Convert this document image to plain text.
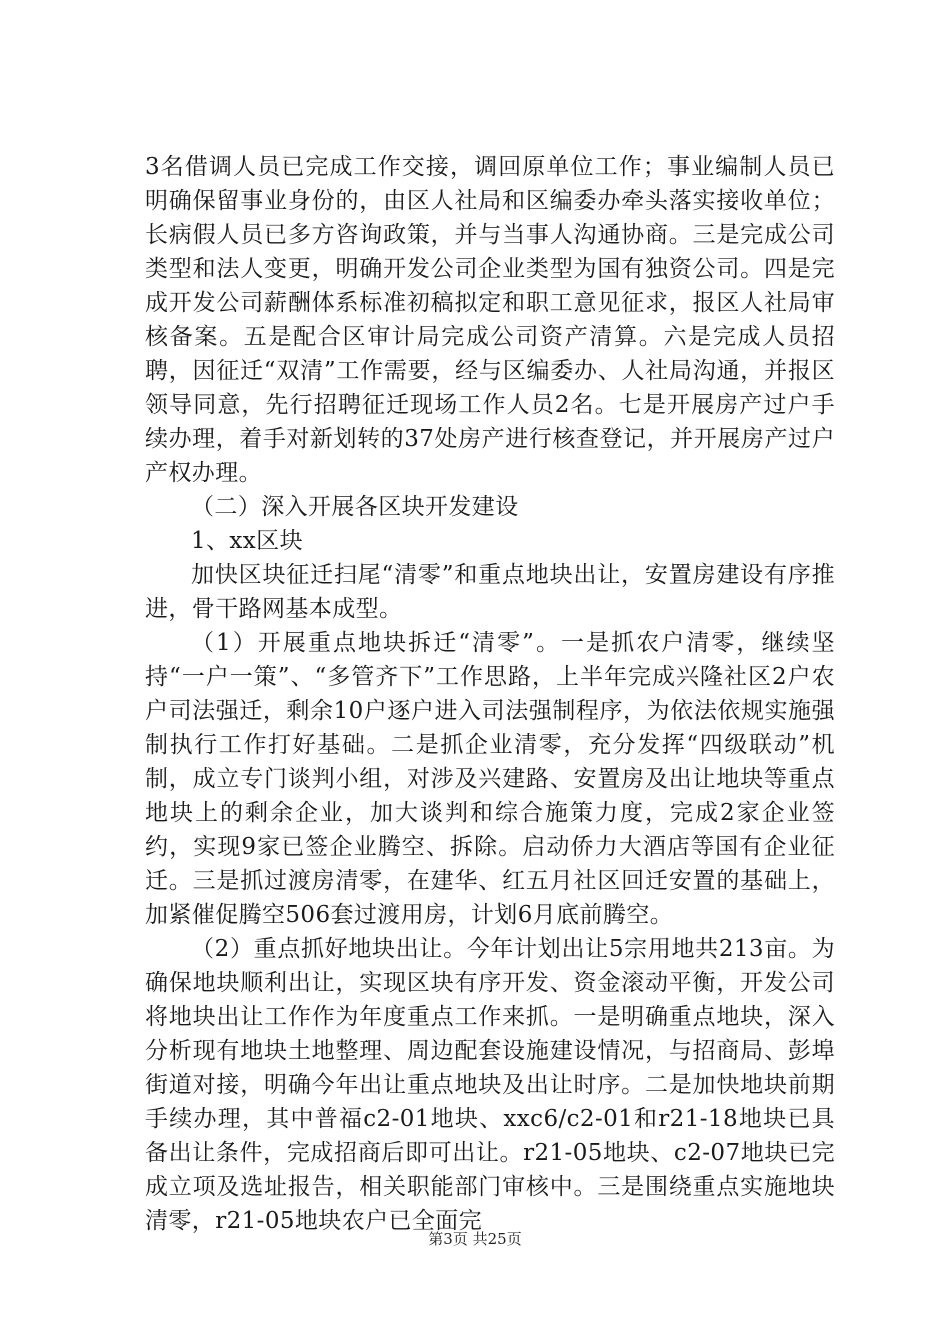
3名借调人员已完成工作交接，调回原单位工作；事业编制人员已明确保留事业身份的，由区人社局和区编委办牵头落实接收单位；长病假人员已多方咨询政策，并与当事人沟通协商。三是完成公司类型和法人变更，明确开发公司企业类型为国有独资公司。四是完成开发公司薪酬体系标准初稿拟定和职工意见征求，报区人社局审核备案。五是配合区审计局完成公司资产清算。六是完成人员招聘，因征迁“双清”工作需要，经与区编委办、人社局沟通，并报区领导同意，先行招聘征迁现场工作人员2名。七是开展房产过户手续办理，着手对新划转的37处房产进行核查登记，并开展房产过户产权办理。

（二）深入开展各区块开发建设

1、xx区块

加快区块征迁扫尾“清零”和重点地块出让，安置房建设有序推进，骨干路网基本成型。

（1）开展重点地块拆迁“清零”。一是抓农户清零，继续坚持“一户一策”、“多管齐下”工作思路，上半年完成兴隆社区2户农户司法强迁，剩余10户逐户进入司法强制程序，为依法依规实施强制执行工作打好基础。二是抓企业清零，充分发挥“四级联动”机制，成立专门谈判小组，对涉及兴建路、安置房及出让地块等重点地块上的剩余企业，加大谈判和综合施策力度，完成2家企业签约，实现9家已签企业腾空、拆除。启动侨力大酒店等国有企业征迁。三是抓过渡房清零，在建华、红五月社区回迁安置的基础上，加紧催促腾空506套过渡用房，计划6月底前腾空。

（2）重点抓好地块出让。今年计划出让5宗用地共213亩。为确保地块顺利出让，实现区块有序开发、资金滚动平衡，开发公司将地块出让工作作为年度重点工作来抓。一是明确重点地块，深入分析现有地块土地整理、周边配套设施建设情况，与招商局、彭埠街道对接，明确今年出让重点地块及出让时序。二是加快地块前期手续办理，其中普福c2-01地块、xxc6/c2-01和r21-18地块已具备出让条件，完成招商后即可出让。r21-05地块、c2-07地块已完成立项及选址报告，相关职能部门审核中。三是围绕重点实施地块清零，r21-05地块农户已全面完

第3页 共25页
